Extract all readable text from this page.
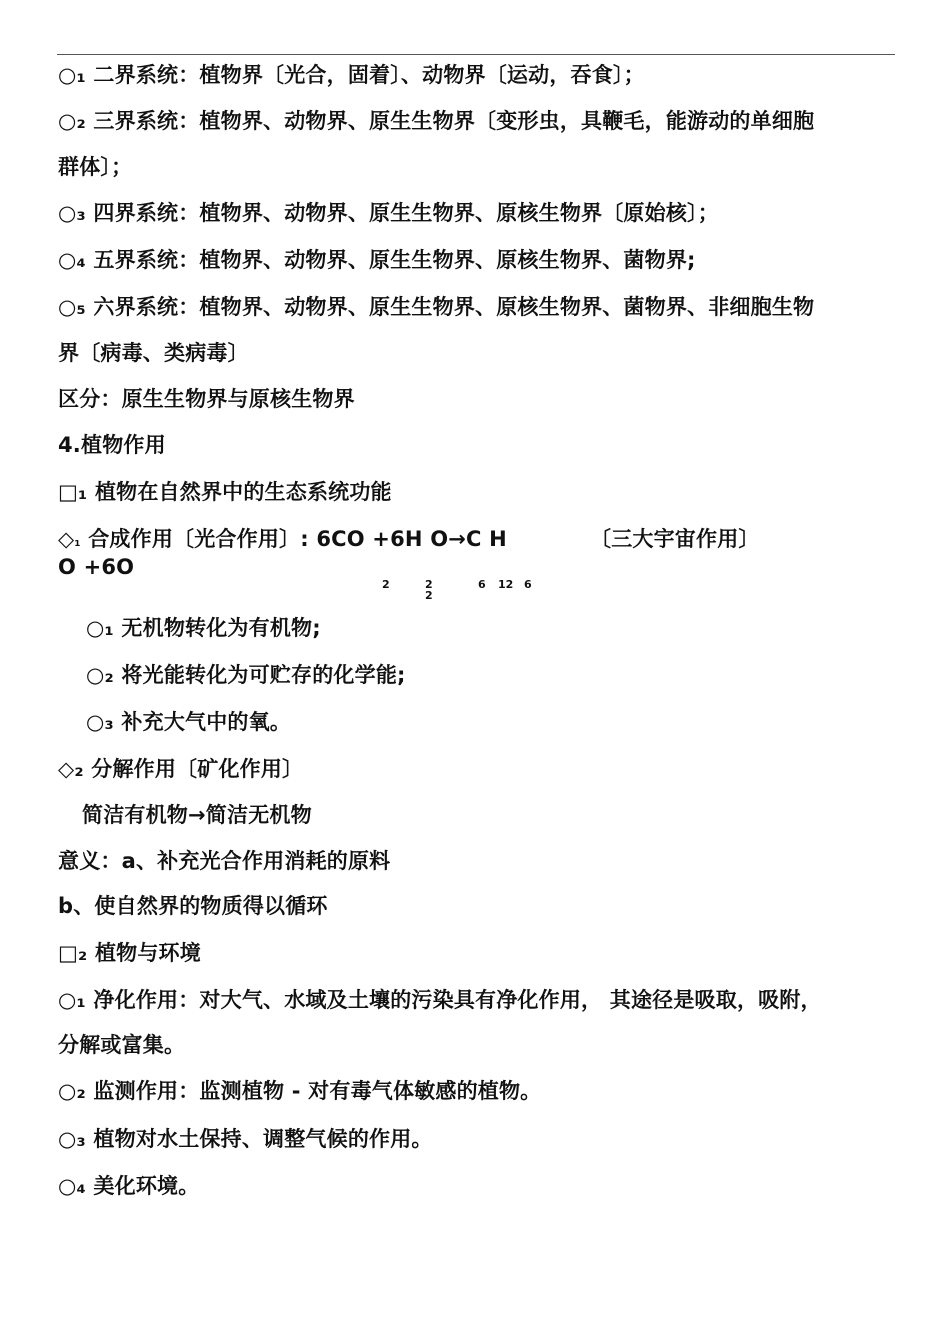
○₁ 二界系统：植物界〔光合，固着〕、动物界〔运动，吞食〕；
○₂ 三界系统：植物界、动物界、原生生物界〔变形虫，具鞭毛，能游动的单细胞
群体〕；
○₃ 四界系统：植物界、动物界、原生生物界、原核生物界〔原始核〕；
○₄ 五界系统：植物界、动物界、原生生物界、原核生物界、菌物界;
○₅ 六界系统：植物界、动物界、原生生物界、原核生物界、菌物界、非细胞生物
界〔病毒、类病毒〕
区分：原生生物界与原核生物界
4.植物作用
□₁ 植物在自然界中的生态系统功能
◇₁ 合成作用〔光合作用〕: 6CO +6H O→C H	〔三大宇宙作用〕
O +6O
2	2	6 12 6
2
○₁ 无机物转化为有机物;
○₂ 将光能转化为可贮存的化学能;
○₃ 补充大气中的氧。
◇₂ 分解作用〔矿化作用〕
简洁有机物→简洁无机物
意义：a、补充光合作用消耗的原料
b、使自然界的物质得以循环
□₂ 植物与环境
○₁ 净化作用：对大气、水域及土壤的污染具有净化作用， 其途径是吸取，吸附，
分解或富集。
○₂ 监测作用：监测植物 - 对有毒气体敏感的植物。
○₃ 植物对水土保持、调整气候的作用。
○₄ 美化环境。
